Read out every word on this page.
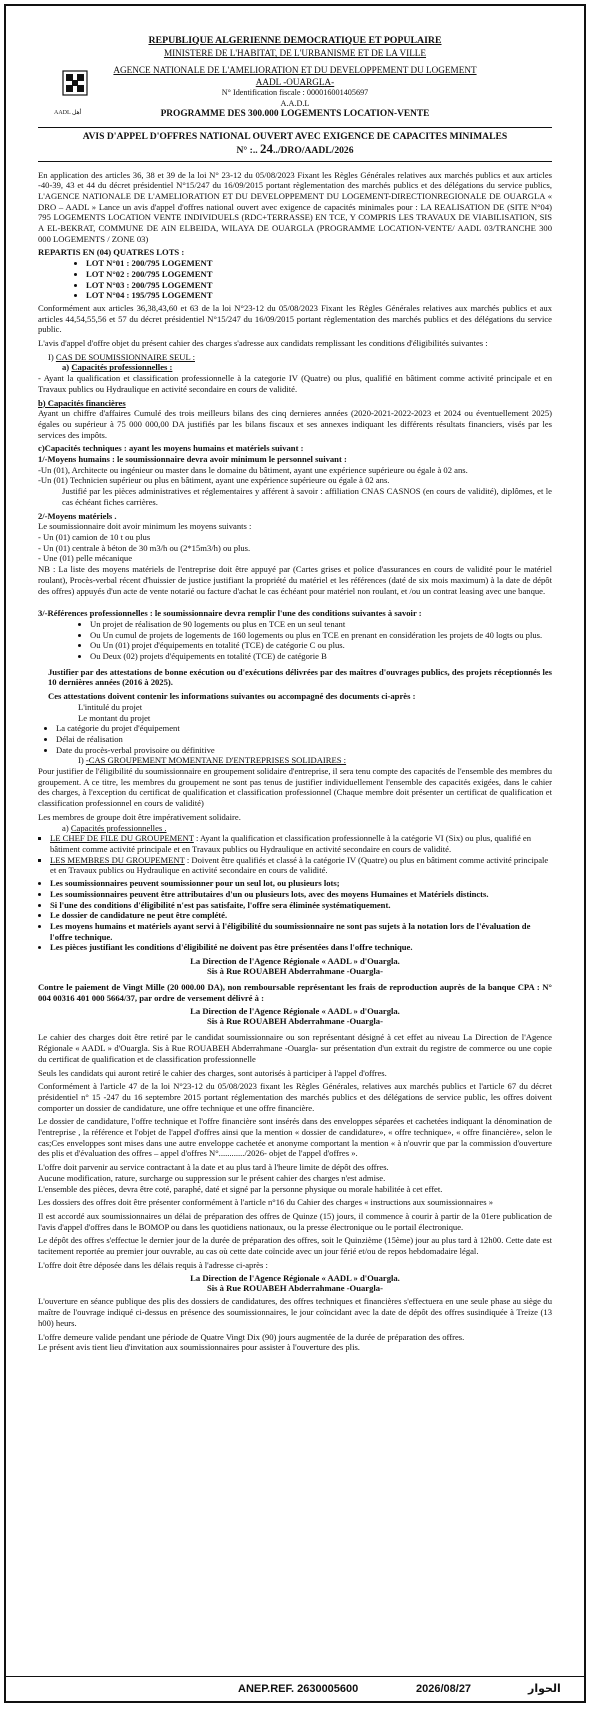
AADL أهل
REPUBLIQUE ALGERIENNE DEMOCRATIQUE ET POPULAIRE
MINISTERE DE L'HABITAT, DE L'URBANISME ET DE LA VILLE
AGENCE NATIONALE DE L'AMELIORATION ET DU DEVELOPPEMENT DU LOGEMENT
AADL -OUARGLA-
N° Identification fiscale : 000016001405697
A.A.D.L
PROGRAMME DES 300.000 LOGEMENTS LOCATION-VENTE
AVIS D'APPEL D'OFFRES NATIONAL OUVERT AVEC EXIGENCE DE CAPACITES MINIMALES
N° :.. 24../DRO/AADL/2026

En application des articles 36, 38 et 39 de la loi N° 23-12 du 05/08/2023 Fixant les Règles Générales relatives aux marchés publics et aux articles -40-39, 43 et 44 du décret présidentiel N°15/247 du 16/09/2015 portant règlementation des marchés publics et des délégations du service publics, L'AGENCE NATIONALE DE L'AMELIORATION ET DU DEVELOPPEMENT DU LOGEMENT-DIRECTIONREGIONALE DE OUARGLA « DRO – AADL » Lance un avis d'appel d'offres national ouvert avec exigence de capacités minimales pour : LA REALISATION DE (SITE N°04) 795 LOGEMENTS LOCATION VENTE INDIVIDUELS (RDC+TERRASSE) EN TCE, Y COMPRIS LES TRAVAUX DE VIABILISATION, SIS A EL-BEKRAT, COMMUNE DE AIN ELBEIDA, WILAYA DE OUARGLA (PROGRAMME LOCATION-VENTE/ AADL 03/TRANCHE 300 000 LOGEMENTS / ZONE 03)

REPARTIS EN (04) QUATRES LOTS :
• LOT N°01 : 200/795 LOGEMENT
• LOT N°02 : 200/795 LOGEMENT
• LOT N°03 : 200/795 LOGEMENT
• LOT N°04 : 195/795 LOGEMENT

Conformément aux articles 36,38,43,60 et 63 de la loi N°23-12 du 05/08/2023 Fixant les Règles Générales relatives aux marchés publics et aux articles 44,54,55,56 et 57 du décret présidentiel N°15/247 du 16/09/2015 portant règlementation des marchés publics et des délégations du service public.

L'avis d'appel d'offre objet du présent cahier des charges s'adresse aux candidats remplissant les conditions d'éligibilités suivantes :

I) CAS DE SOUMISSIONNAIRE SEUL :
a) Capacités professionnelles :

- Ayant la qualification et classification professionnelle à la categorie IV (Quatre) ou plus, qualifié en bâtiment comme activité principale et en Travaux publics ou Hydraulique en activité secondaire en cours de validité.

b) Capacités financières

Ayant un chiffre d'affaires Cumulé des trois meilleurs bilans des cinq dernieres années (2020-2021-2022-2023 et 2024 ou éventuellement 2025) égales ou supérieur à 75 000 000,00 DA justifiés par les bilans fiscaux et ses annexes indiquant les différents résultats financiers, visés par les services des impôts.

c)Capacités techniques : ayant les moyens humains et matériels suivant :
1/-Moyens humains : le soumissionnaire devra avoir minimum le personnel suivant :
-Un (01), Architecte ou ingénieur ou master dans le domaine du bâtiment, ayant une expérience supérieure ou égale à 02 ans.
-Un (01) Technicien supérieur ou plus en bâtiment, ayant une expérience supérieure ou égale à 02 ans.

Justifié par les pièces administratives et réglementaires y afférent à savoir : affiliation CNAS CASNOS (en cours de validité), diplômes, et le cas échéant fiches carrières.

2/-Moyens matériels .
Le soumissionnaire doit avoir minimum les moyens suivants :
- Un (01) camion de 10 t ou plus
- Un (01) centrale à béton de 30 m3/h ou (2*15m3/h) ou plus.
- Une (01) pelle mécanique

NB : La liste des moyens matériels de l'entreprise doit être appuyé par (Cartes grises et police d'assurances en cours de validité pour le matériel roulant), Procès-verbal récent d'huissier de justice justifiant la propriété du matériel et les références (daté de six mois maximum) à la date de dépôt des offres) appuyés d'un acte de vente notarié ou facture d'achat le cas échéant pour matériel non roulant, et /ou un contrat leasing avec une banque.

3/-Références professionnelles : le soumissionnaire devra remplir l'une des conditions suivantes à savoir :
• Un projet de réalisation de 90 logements ou plus en TCE en un seul tenant
• Ou Un cumul de projets de logements de 160 logements ou plus en TCE en prenant en considération les projets de 40 logts ou plus.
• Ou Un (01) projet d'équipements en totalité (TCE) de catégorie C ou plus.
• Ou Deux (02) projets d'équipements en totalité (TCE) de catégorie B

Justifier par des attestations de bonne exécution ou d'exécutions délivrées par des maîtres d'ouvrages publics, des projets réceptionnés les 10 dernières années (2016 à 2025).

Ces attestations doivent contenir les informations suivantes ou accompagné des documents ci-après :
L'intitulé du projet
Le montant du projet
• La catégorie du projet d'équipement
• Délai de réalisation
• Date du procès-verbal provisoire ou définitive
I) -CAS GROUPEMENT MOMENTANE D'ENTREPRISES SOLIDAIRES :

Pour justifier de l'éligibilité du soumissionnaire en groupement solidaire d'entreprise, il sera tenu compte des capacités de l'ensemble des membres du groupement. A ce titre, les membres du groupement ne sont pas tenus de justifier individuellement l'ensemble des capacités exigées, dans le cahier des charges, à l'exception du certificat de qualification et classification professionnel (Chaque membre doit présenter un certificat de qualification et classification professionnel en cours de validité)

Les membres de groupe doit être impérativement solidaire.
a) Capacités professionnelles .
▪ LE CHEF DE FILE DU GROUPEMENT : Ayant la qualification et classification professionnelle à la catégorie VI (Six) ou plus, qualifié en bâtiment comme activité principale et en Travaux publics ou Hydraulique en activité secondaire en cours de validité.
▪ LES MEMBRES DU GROUPEMENT : Doivent être qualifiés et classé à la catégorie IV (Quatre) ou plus en bâtiment comme activité principale et en Travaux publics ou Hydraulique en activité secondaire en cours de validité.
• Les soumissionnaires peuvent soumissionner pour un seul lot, ou plusieurs lots;
• Les soumissionnaires peuvent être attributaires d'un ou plusieurs lots, avec des moyens Humaines et Matériels distincts.
• Si l'une des conditions d'éligibilité n'est pas satisfaite, l'offre sera éliminée systématiquement.
• Le dossier de candidature ne peut être complété.
• Les moyens humains et matériels ayant servi à l'éligibilité du soumissionnaire ne sont pas sujets à la notation lors de l'évaluation de l'offre technique.
• Les pièces justifiant les conditions d'éligibilité ne doivent pas être présentées dans l'offre technique.
La Direction de l'Agence Régionale « AADL » d'Ouargla.
Sis à Rue ROUABEH Abderrahmane -Ouargla-

Contre le paiement de Vingt Mille (20 000.00 DA), non remboursable représentant les frais de reproduction auprès de la banque CPA : N° 004 00316 401 000 5664/37, par ordre de versement délivré à :

La Direction de l'Agence Régionale « AADL » d'Ouargla.
Sis à Rue ROUABEH Abderrahmane -Ouargla-

Le cahier des charges doit être retiré par le candidat soumissionnaire ou son représentant désigné à cet effet au niveau La Direction de l'Agence Régionale « AADL » d'Ouargla. Sis à Rue ROUABEH Abderrahmane -Ouargla- sur présentation d'un extrait du registre de commerce ou une copie du certificat de qualification et de classification professionnelle

Seuls les candidats qui auront retiré le cahier des charges, sont autorisés à participer à l'appel d'offres.

Conformément à l'article 47 de la loi N°23-12 du 05/08/2023 fixant les Règles Générales, relatives aux marchés publics et l'article 67 du décret présidentiel n° 15 -247 du 16 septembre 2015 portant réglementation des marchés publics et des délégations de service public, les offres doivent comporter un dossier de candidature, une offre technique et une offre financière.

Le dossier de candidature, l'offre technique et l'offre financière sont insérés dans des enveloppes séparées et cachetées indiquant la dénomination de l'entreprise , la référence et l'objet de l'appel d'offres ainsi que la mention « dossier de candidature», « offre technique», « offre financière», selon le cas;Ces enveloppes sont mises dans une autre enveloppe cachetée et anonyme comportant la mention « à n'ouvrir que par la commission d'ouverture des plis et d'évaluation des offres – appel d'offres N°............/2026- objet de l'appel d'offres ».

L'offre doit parvenir au service contractant à la date et au plus tard à l'heure limite de dépôt des offres.
Aucune modification, rature, surcharge ou suppression sur le présent cahier des charges n'est admise.

L'ensemble des pièces, devra être coté, paraphé, daté et signé par la personne physique ou morale habilitée à cet effet.

Les dossiers des offres doit être présenter conformément à l'article n°16 du Cahier des charges « instructions aux soumissionnaires »

Il est accordé aux soumissionnaires un délai de préparation des offres de Quinze (15) jours, il commence à courir à partir de la 01ere publication de l'avis d'appel d'offres dans le BOMOP ou dans les quotidiens nationaux, ou la presse électronique ou le portail électronique.

Le dépôt des offres s'effectue le dernier jour de la durée de préparation des offres, soit le Quinzième (15ème) jour au plus tard à 12h00. Cette date est tacitement reportée au premier jour ouvrable, au cas où cette date coïncide avec un jour férié et/ou de repos hebdomadaire légal.

L'offre doit être déposée dans les délais requis à l'adresse ci-après :
La Direction de l'Agence Régionale « AADL » d'Ouargla.
Sis à Rue ROUABEH Abderrahmane -Ouargla-

L'ouverture en séance publique des plis des dossiers de candidatures, des offres techniques et financières s'effectuera en une seule phase au siège du maître de l'ouvrage indiqué ci-dessus en présence des soumissionnaires, le jour coïncidant avec la date de dépôt des offres susindiquée à Treize (13 h00) heurs.

L'offre demeure valide pendant une période de Quatre Vingt Dix (90) jours augmentée de la durée de préparation des offres.
Le présent avis tient lieu d'invitation aux soumissionnaires pour assister à l'ouverture des plis.
ANEP.REF. 2630005600	2026/08/27	الحوار
